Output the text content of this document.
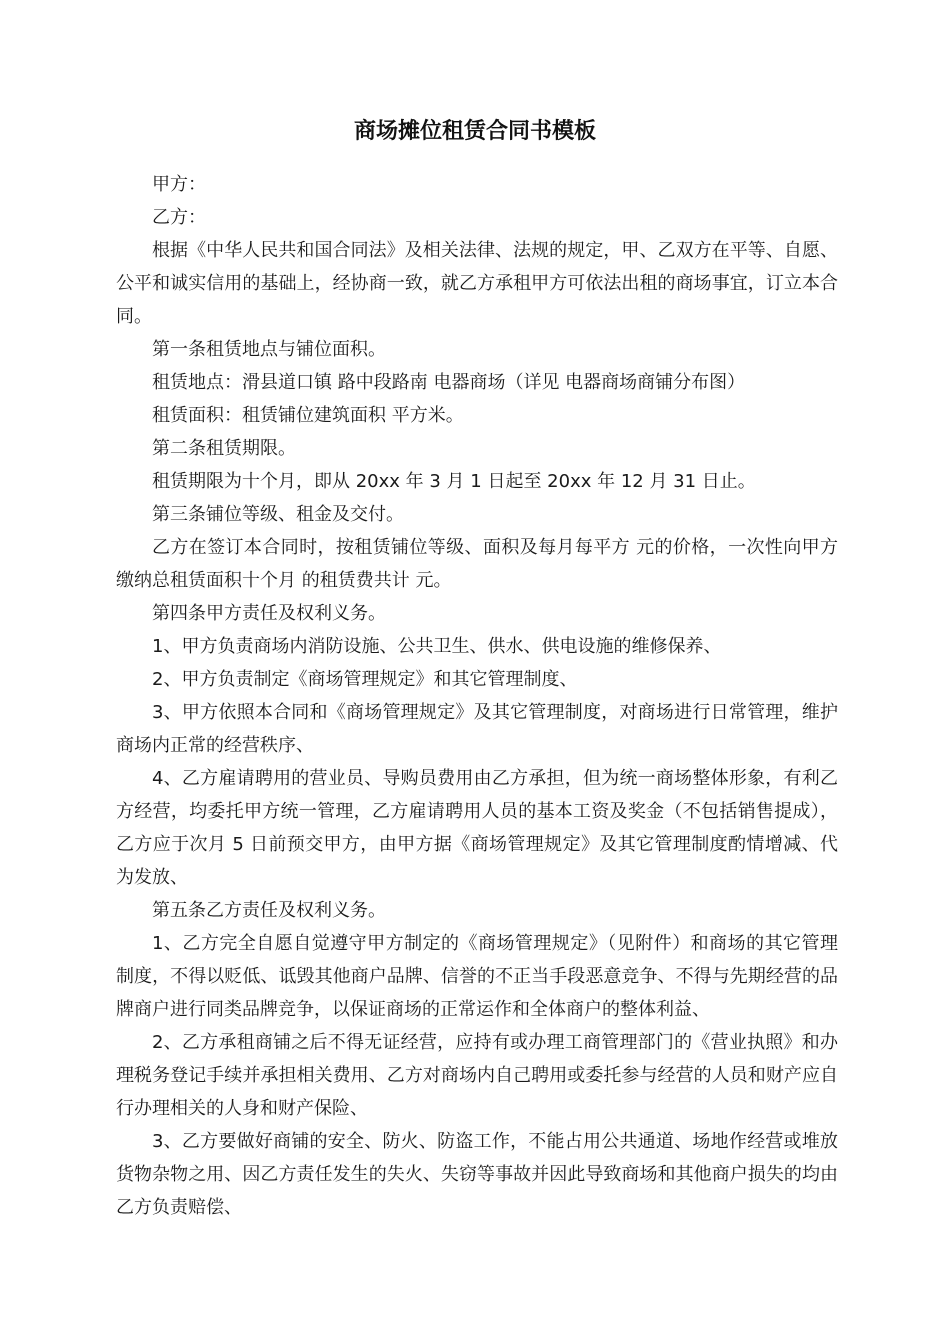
商场摊位租赁合同书模板

甲方：

乙方：

根据《中华人民共和国合同法》及相关法律、法规的规定，甲、乙双方在平等、自愿、公平和诚实信用的基础上，经协商一致，就乙方承租甲方可依法出租的商场事宜，订立本合同。

第一条租赁地点与铺位面积。

租赁地点：滑县道口镇 路中段路南 电器商场（详见 电器商场商铺分布图）

租赁面积：租赁铺位建筑面积 平方米。

第二条租赁期限。

租赁期限为十个月，即从 20xx 年 3 月 1 日起至 20xx 年 12 月 31 日止。

第三条铺位等级、租金及交付。

乙方在签订本合同时，按租赁铺位等级、面积及每月每平方 元的价格，一次性向甲方缴纳总租赁面积十个月 的租赁费共计 元。

第四条甲方责任及权利义务。

1、甲方负责商场内消防设施、公共卫生、供水、供电设施的维修保养、

2、甲方负责制定《商场管理规定》和其它管理制度、

3、甲方依照本合同和《商场管理规定》及其它管理制度，对商场进行日常管理，维护商场内正常的经营秩序、

4、乙方雇请聘用的营业员、导购员费用由乙方承担，但为统一商场整体形象，有利乙方经营，均委托甲方统一管理，乙方雇请聘用人员的基本工资及奖金（不包括销售提成），乙方应于次月 5 日前预交甲方，由甲方据《商场管理规定》及其它管理制度酌情增减、代为发放、

第五条乙方责任及权利义务。

1、乙方完全自愿自觉遵守甲方制定的《商场管理规定》（见附件）和商场的其它管理制度，不得以贬低、诋毁其他商户品牌、信誉的不正当手段恶意竞争、不得与先期经营的品牌商户进行同类品牌竞争，以保证商场的正常运作和全体商户的整体利益、

2、乙方承租商铺之后不得无证经营，应持有或办理工商管理部门的《营业执照》和办理税务登记手续并承担相关费用、乙方对商场内自己聘用或委托参与经营的人员和财产应自行办理相关的人身和财产保险、

3、乙方要做好商铺的安全、防火、防盗工作，不能占用公共通道、场地作经营或堆放货物杂物之用、因乙方责任发生的失火、失窃等事故并因此导致商场和其他商户损失的均由乙方负责赔偿、
